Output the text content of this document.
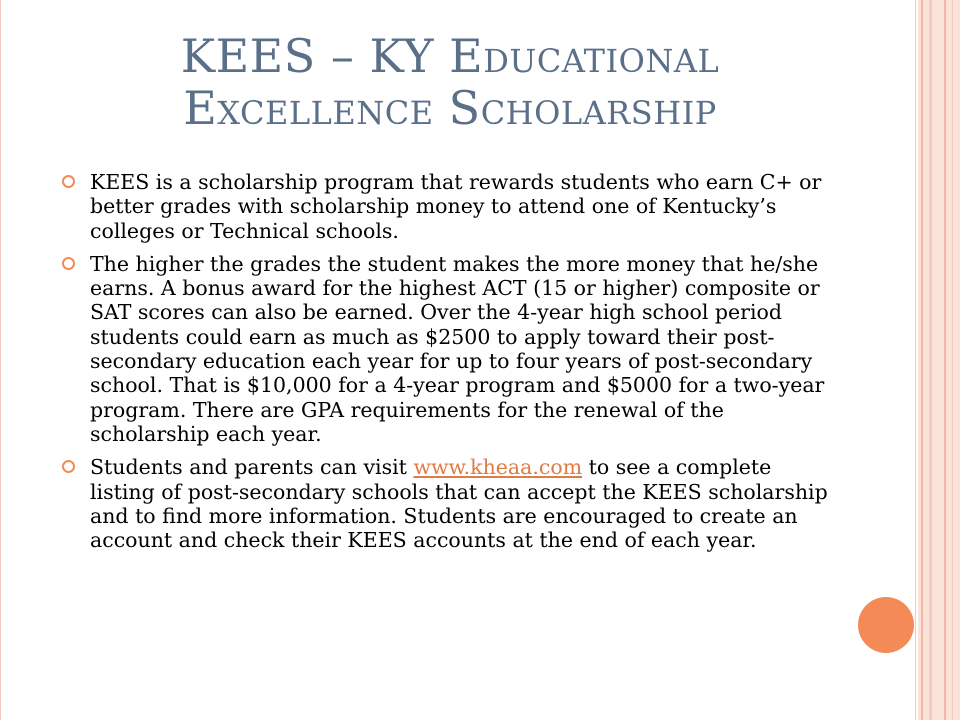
KEES – KY Educational
Excellence Scholarship
KEES is a scholarship program that rewards students who earn C+ or better grades with scholarship money to attend one of Kentucky’s colleges or Technical schools.
The higher the grades the student makes the more money that he/she earns. A bonus award for the highest ACT (15 or higher) composite or SAT scores can also be earned. Over the 4-year high school period students could earn as much as $2500 to apply toward their post-secondary education each year for up to four years of post-secondary school. That is $10,000 for a 4-year program and $5000 for a two-year program. There are GPA requirements for the renewal of the scholarship each year.
Students and parents can visit www.kheaa.com to see a complete listing of post-secondary schools that can accept the KEES scholarship and to find more information. Students are encouraged to create an account and check their KEES accounts at the end of each year.
